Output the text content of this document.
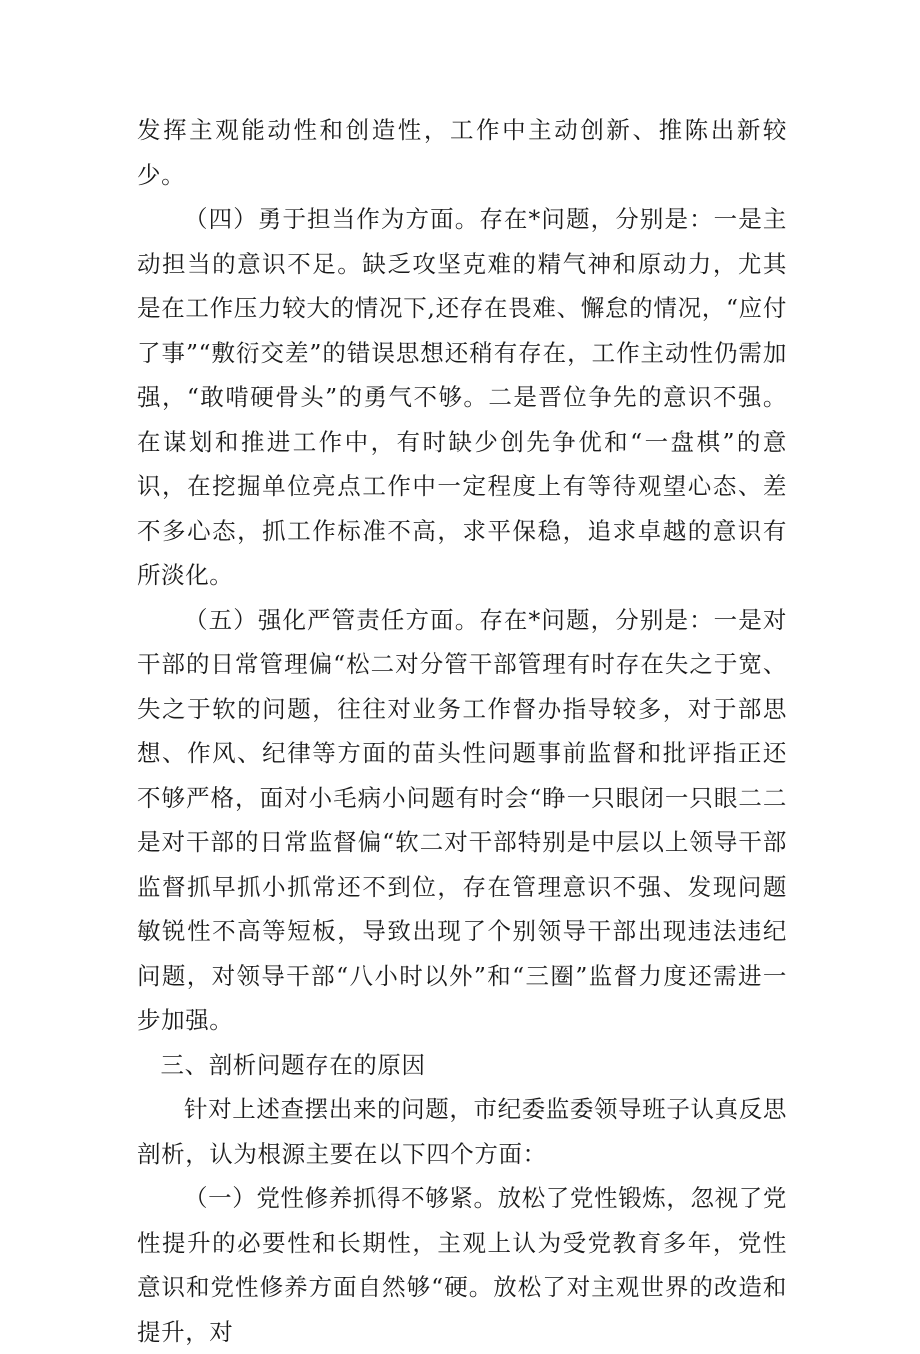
发挥主观能动性和创造性，工作中主动创新、推陈出新较少。

（四）勇于担当作为方面。存在*问题，分别是：一是主动担当的意识不足。缺乏攻坚克难的精气神和原动力，尤其是在工作压力较大的情况下,还存在畏难、懈怠的情况，“应付了事”“敷衍交差”的错误思想还稍有存在，工作主动性仍需加强，“敢啃硬骨头”的勇气不够。二是晋位争先的意识不强。在谋划和推进工作中，有时缺少创先争优和“一盘棋”的意识，在挖掘单位亮点工作中一定程度上有等待观望心态、差不多心态，抓工作标准不高，求平保稳，追求卓越的意识有所淡化。

（五）强化严管责任方面。存在*问题，分别是：一是对干部的日常管理偏“松二对分管干部管理有时存在失之于宽、失之于软的问题，往往对业务工作督办指导较多，对于部思想、作风、纪律等方面的苗头性问题事前监督和批评指正还不够严格，面对小毛病小问题有时会“睁一只眼闭一只眼二二是对干部的日常监督偏“软二对干部特别是中层以上领导干部监督抓早抓小抓常还不到位，存在管理意识不强、发现问题敏锐性不高等短板，导致出现了个别领导干部出现违法违纪问题，对领导干部“八小时以外”和“三圈”监督力度还需进一步加强。

三、剖析问题存在的原因

针对上述查摆出来的问题，市纪委监委领导班子认真反思剖析，认为根源主要在以下四个方面：

（一）党性修养抓得不够紧。放松了党性锻炼，忽视了党性提升的必要性和长期性，主观上认为受党教育多年，党性意识和党性修养方面自然够“硬。放松了对主观世界的改造和提升，对
